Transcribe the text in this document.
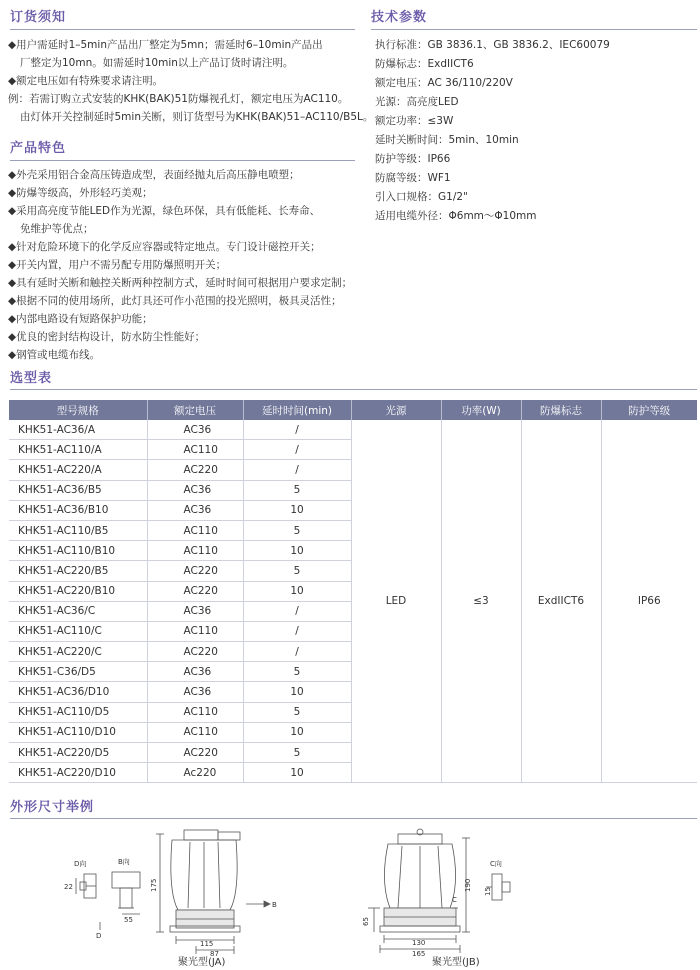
订货须知
◆用户需延时1–5min产品出厂整定为5mn；需延时6–10min产品出
厂整定为10mn。如需延时10min以上产品订货时请注明。
◆额定电压如有特殊要求请注明。
例：若需订购立式安装的KHK(BAK)51防爆视孔灯，额定电压为AC110。
由灯体开关控制延时5min关断，则订货型号为KHK(BAK)51–AC110/B5L。
技术参数
执行标准：GB 3836.1、GB 3836.2、IEC60079
防爆标志：ExdIICT6
额定电压：AC 36/110/220V
光源：高亮度LED
额定功率：≤3W
延时关断时间：5min、10min
防护等级：IP66
防腐等级：WF1
引入口规格：G1/2"
适用电缆外径：Φ6mm～Φ10mm
产品特色
◆外壳采用铝合金高压铸造成型，表面经抛丸后高压静电喷塑；
◆防爆等级高，外形轻巧美观；
◆采用高亮度节能LED作为光源，绿色环保，具有低能耗、长寿命、
免维护等优点；
◆针对危险环境下的化学反应容器或特定地点。专门设计磁控开关；
◆开关内置，用户不需另配专用防爆照明开关；
◆具有延时关断和触控关断两种控制方式，延时时间可根据用户要求定制；
◆根据不同的使用场所，此灯具还可作小范围的投光照明，极具灵活性；
◆内部电路设有短路保护功能；
◆优良的密封结构设计，防水防尘性能好；
◆钢管或电缆布线。
选型表
型号规格	额定电压	延时时间(min)	光源	功率(W)	防爆标志	防护等级
KHK51-AC36/A	AC36	/	LED	≤3	ExdIICT6	IP66
KHK51-AC110/A	AC110	/				
KHK51-AC220/A	AC220	/				
KHK51-AC36/B5	AC36	5				
KHK51-AC36/B10	AC36	10				
KHK51-AC110/B5	AC110	5				
KHK51-AC110/B10	AC110	10				
KHK51-AC220/B5	AC220	5				
KHK51-AC220/B10	AC220	10				
KHK51-AC36/C	AC36	/				
KHK51-AC110/C	AC110	/				
KHK51-AC220/C	AC220	/				
KHK51-C36/D5	AC36	5				
KHK51-AC36/D10	AC36	10				
KHK51-AC110/D5	AC110	5				
KHK51-AC110/D10	AC110	10				
KHK51-AC220/D5	AC220	5				
KHK51-AC220/D10	Ac220	10				
外形尺寸举例
D向	B向
B
D
22
55
175
115
87
聚光型(JA)
C向
C
190
65
130
165
15
聚光型(JB)
